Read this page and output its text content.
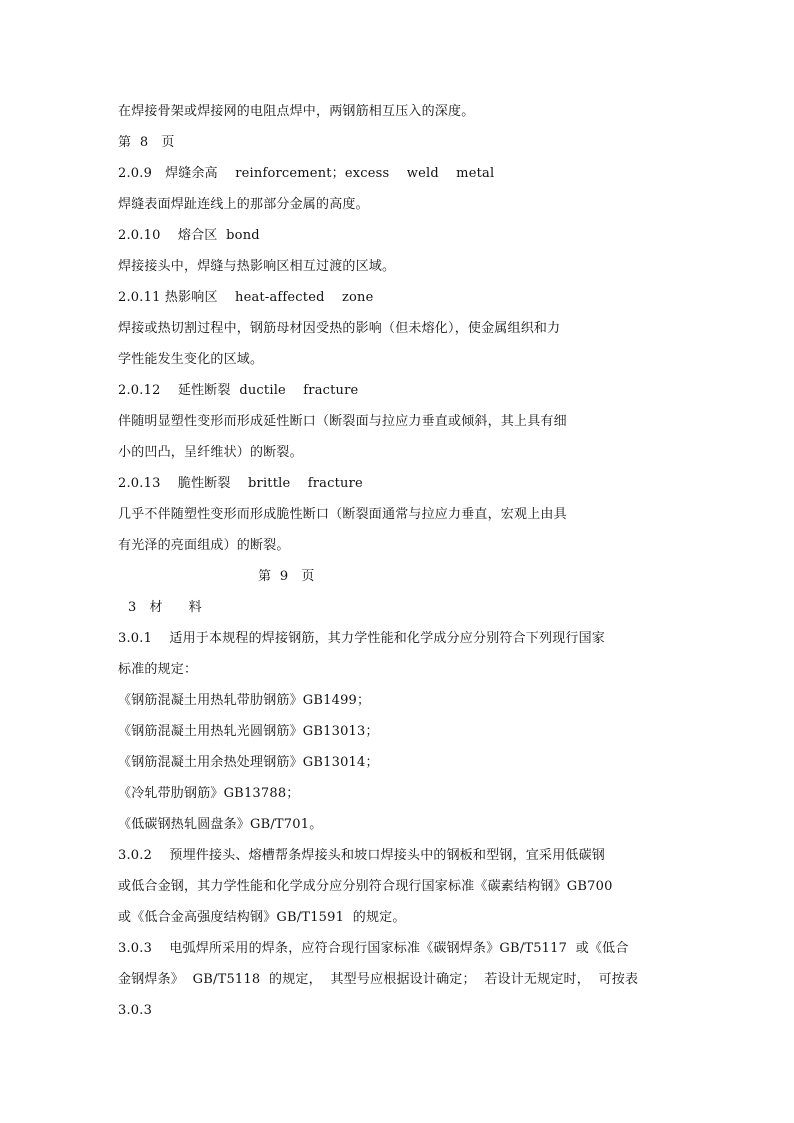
在焊接骨架或焊接网的电阻点焊中，两钢筋相互压入的深度。
第  8   页
2.0.9   焊缝余高    reinforcement；excess    weld    metal
焊缝表面焊趾连线上的那部分金属的高度。
2.0.10    熔合区  bond
焊接接头中，焊缝与热影响区相互过渡的区域。
2.0.11 热影响区    heat-affected    zone
焊接或热切割过程中，钢筋母材因受热的影响（但未熔化），使金属组织和力
学性能发生变化的区域。
2.0.12    延性断裂  ductile    fracture
伴随明显塑性变形而形成延性断口（断裂面与拉应力垂直或倾斜，其上具有细
小的凹凸，呈纤维状）的断裂。
2.0.13    脆性断裂    brittle    fracture
几乎不伴随塑性变形而形成脆性断口（断裂面通常与拉应力垂直，宏观上由具
有光泽的亮面组成）的断裂。
第  9   页
3   材      料
3.0.1    适用于本规程的焊接钢筋，其力学性能和化学成分应分别符合下列现行国家
标准的规定：
《钢筋混凝土用热轧带肋钢筋》GB1499；
《钢筋混凝土用热轧光圆钢筋》GB13013；
《钢筋混凝土用余热处理钢筋》GB13014；
《冷轧带肋钢筋》GB13788；
《低碳钢热轧圆盘条》GB/T701。
3.0.2    预埋件接头、熔槽帮条焊接头和坡口焊接头中的钢板和型钢，宜采用低碳钢
或低合金钢，其力学性能和化学成分应分别符合现行国家标准《碳素结构钢》GB700
或《低合金高强度结构钢》GB/T1591  的规定。
3.0.3    电弧焊所采用的焊条，应符合现行国家标准《碳钢焊条》GB/T5117  或《低合
金钢焊条》  GB/T5118  的规定，  其型号应根据设计确定；  若设计无规定时，  可按表
3.0.3
